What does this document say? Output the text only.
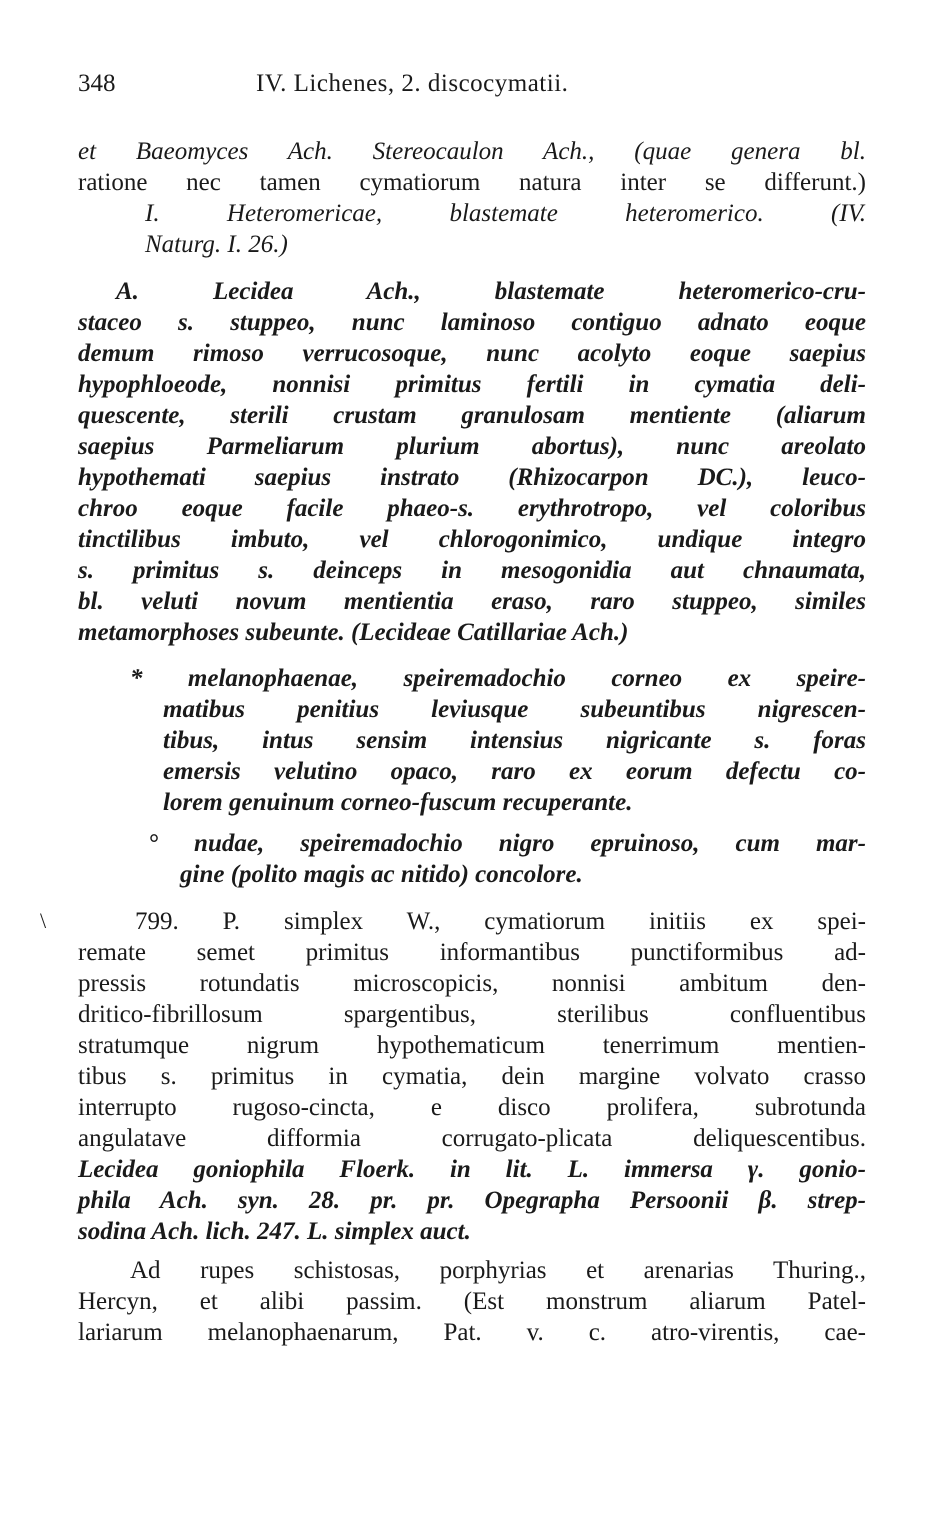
348	IV. Lichenes, 2. discocymatii.
et Baeomyces Ach. Stereocaulon Ach., (quae genera bl.
ratione nec tamen cymatiorum natura inter se differunt.)
I. Heteromericae, blastemate heteromerico. (IV.
Naturg. I. 26.)
A. Lecidea Ach., blastemate heteromerico-cru-
staceo s. stuppeo, nunc laminoso contiguo adnato eoque
demum rimoso verrucosoque, nunc acolyto eoque saepius
hypophloeode, nonnisi primitus fertili in cymatia deli-
quescente, sterili crustam granulosam mentiente (aliarum
saepius Parmeliarum plurium abortus), nunc areolato
hypothemati saepius instrato (Rhizocarpon DC.), leuco-
chroo eoque facile phaeo-s. erythrotropo, vel coloribus
tinctilibus imbuto, vel chlorogonimico, undique integro
s. primitus s. deinceps in mesogonidia aut chnaumata,
bl. veluti novum mentientia eraso, raro stuppeo, similes
metamorphoses subeunte. (Lecideae Catillariae Ach.)
* melanophaenae, speiremadochio corneo ex speire-
matibus penitius leviusque subeuntibus nigrescen-
tibus, intus sensim intensius nigricante s. foras
emersis velutino opaco, raro ex eorum defectu co-
lorem genuinum corneo-fuscum recuperante.
° nudae, speiremadochio nigro epruinoso, cum mar-
gine (polito magis ac nitido) concolore.
\	799. P. simplex W., cymatiorum initiis ex spei-
remate semet primitus informantibus punctiformibus ad-
pressis rotundatis microscopicis, nonnisi ambitum den-
dritico-fibrillosum spargentibus, sterilibus confluentibus
stratumque nigrum hypothematicum tenerrimum mentien-
tibus s. primitus in cymatia, dein margine volvato crasso
interrupto rugoso-cincta, e disco prolifera, subrotunda
angulatave difformia corrugato-plicata deliquescentibus.
Lecidea goniophila Floerk. in lit. L. immersa γ. gonio-
phila Ach. syn. 28. pr. pr. Opegrapha Persoonii β. strep-
sodina Ach. lich. 247. L. simplex auct.
Ad rupes schistosas, porphyrias et arenarias Thuring.,
Hercyn, et alibi passim. (Est monstrum aliarum Patel-
lariarum melanophaenarum, Pat. v. c. atro-virentis, cae-
